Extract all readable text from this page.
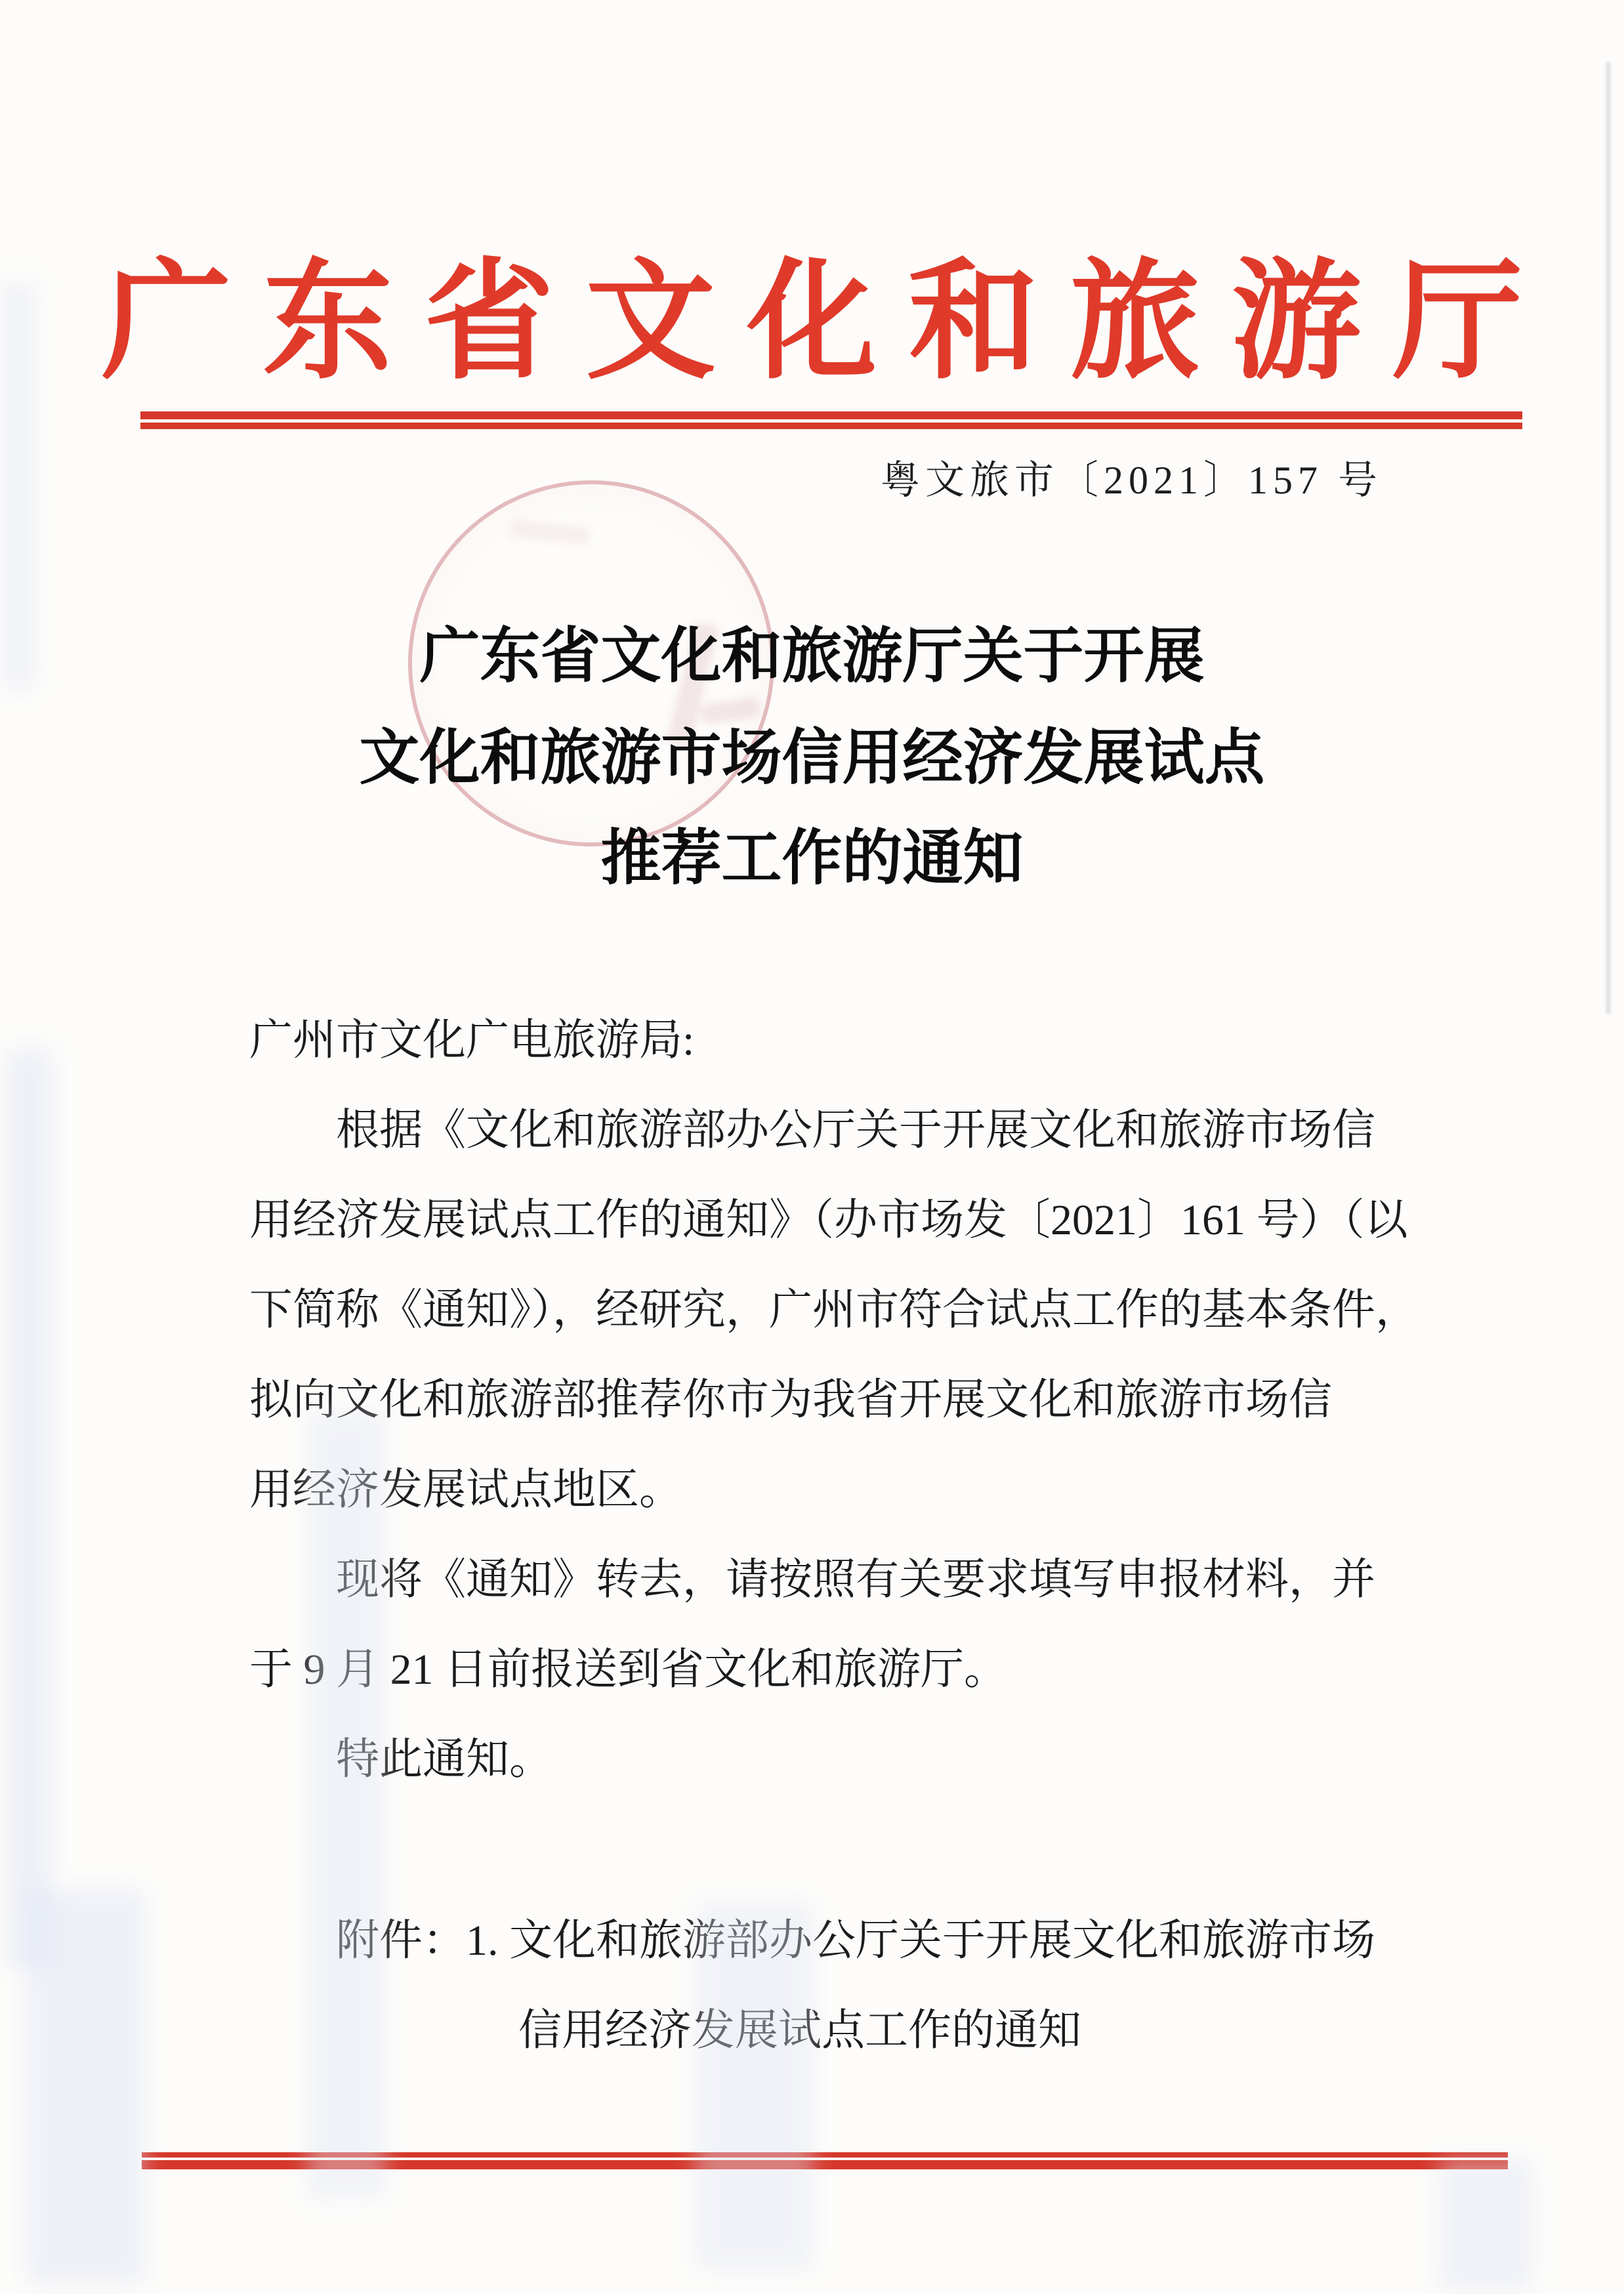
广东省文化和旅游厅
粤文旅市〔2021〕157 号
广东省文化和旅游厅关于开展
文化和旅游市场信用经济发展试点
推荐工作的通知
广州市文化广电旅游局:
根据《文化和旅游部办公厅关于开展文化和旅游市场信
用经济发展试点工作的通知》（办市场发〔2021〕161 号）（以
下简称《通知》），经研究，广州市符合试点工作的基本条件，
拟向文化和旅游部推荐你市为我省开展文化和旅游市场信
用经济发展试点地区。
现将《通知》转去，请按照有关要求填写申报材料，并
于 9 月 21 日前报送到省文化和旅游厅。
特此通知。
附件：1. 文化和旅游部办公厅关于开展文化和旅游市场
信用经济发展试点工作的通知
